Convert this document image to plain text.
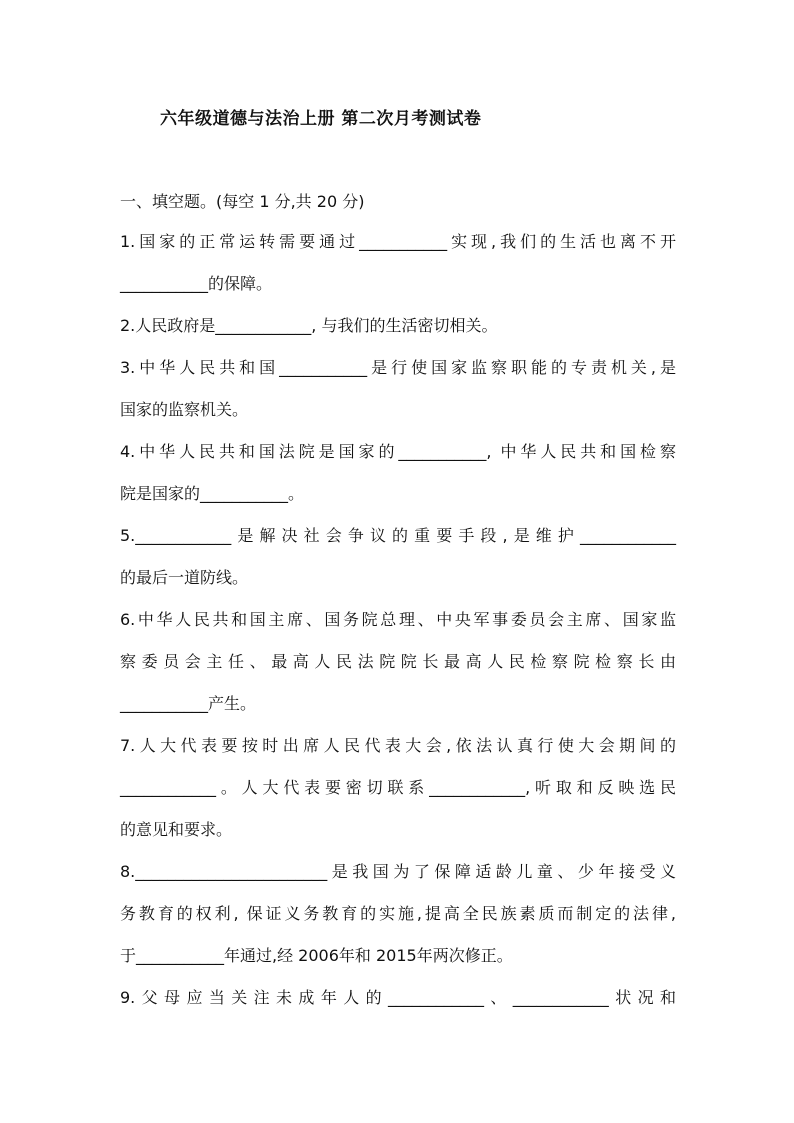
六年级道德与法治上册 第二次月考测试卷
一、填空题。(每空 1 分,共 20 分)
1.国家的正常运转需要通过___________实现,我们的生活也离不开
___________的保障。
2.人民政府是____________, 与我们的生活密切相关。
3.中华人民共和国___________是行使国家监察职能的专责机关,是
国家的监察机关。
4.中华人民共和国法院是国家的___________, 中华人民共和国检察
院是国家的___________。
5.____________是解决社会争议的重要手段,是维护____________
的最后一道防线。
6.中华人民共和国主席、国务院总理、中央军事委员会主席、国家监
察委员会主任、最高人民法院院长最高人民检察院检察长由
___________产生。
7.人大代表要按时出席人民代表大会,依法认真行使大会期间的
____________。人大代表要密切联系____________,听取和反映选民
的意见和要求。
8.________________________是我国为了保障适龄儿童、少年接受义
务教育的权利, 保证义务教育的实施,提高全民族素质而制定的法律,
于___________年通过,经 2006年和 2015年两次修正。
9.父母应当关注未成年人的____________、____________状况和
